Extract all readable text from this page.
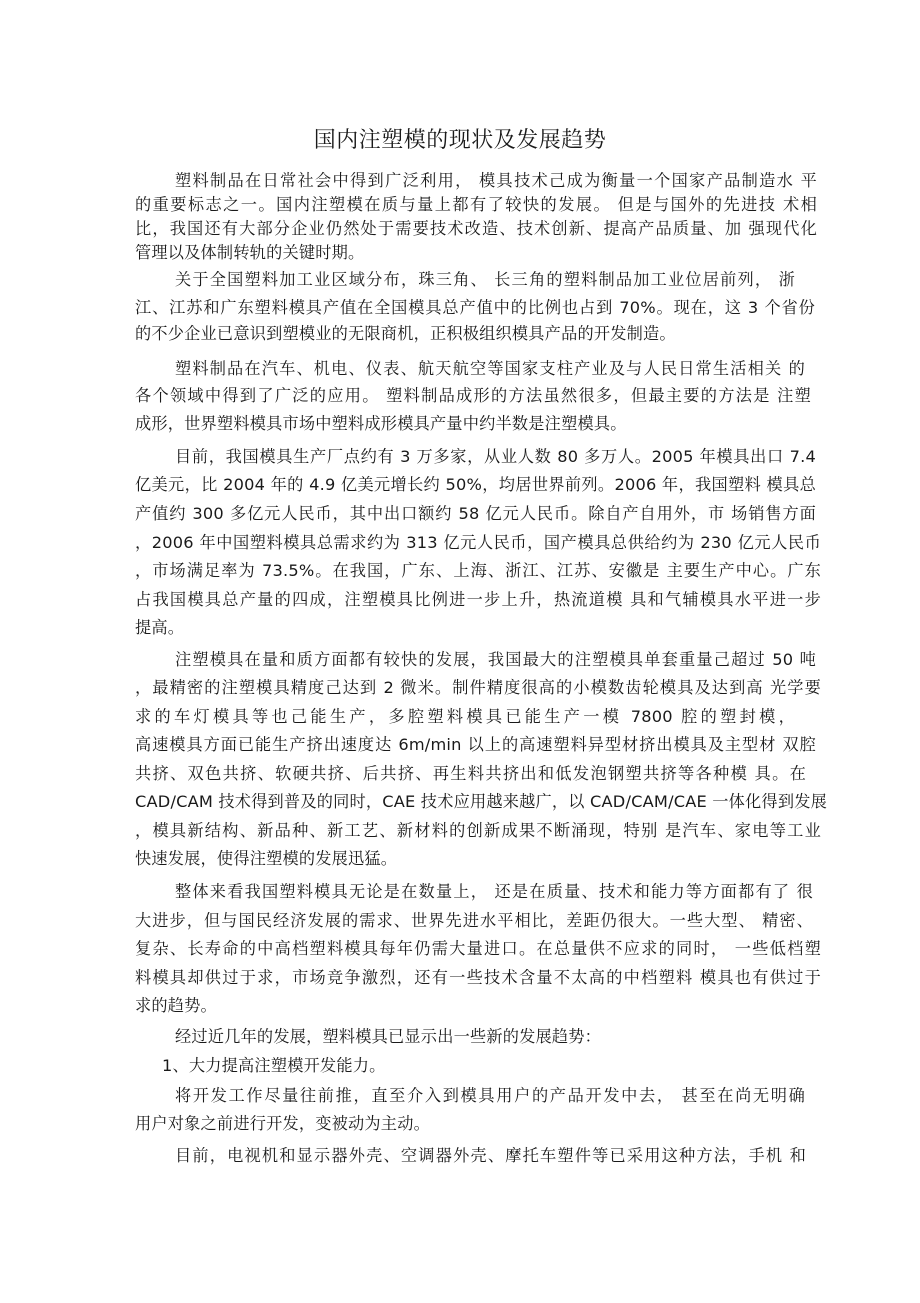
国内注塑模的现状及发展趋势
塑料制品在日常社会中得到广泛利用， 模具技术己成为衡量一个国家产品制造水 平
的重要标志之一。国内注塑模在质与量上都有了较快的发展。 但是与国外的先进技 术相
比，我国还有大部分企业仍然处于需要技术改造、技术创新、提高产品质量、加 强现代化
管理以及体制转轨的关键时期。
关于全国塑料加工业区域分布，珠三角、 长三角的塑料制品加工业位居前列， 浙
江、江苏和广东塑料模具产值在全国模具总产值中的比例也占到 70%。现在，这 3 个省份
的不少企业已意识到塑模业的无限商机，正积极组织模具产品的开发制造。
塑料制品在汽车、机电、仪表、航天航空等国家支柱产业及与人民日常生活相关 的
各个领域中得到了广泛的应用。 塑料制品成形的方法虽然很多，但最主要的方法是 注塑
成形，世界塑料模具市场中塑料成形模具产量中约半数是注塑模具。
目前，我国模具生产厂点约有 3 万多家，从业人数 80 多万人。2005 年模具出口 7.4
亿美元，比 2004 年的 4.9 亿美元增长约 50%，均居世界前列。2006 年，我国塑料 模具总
产值约 300 多亿元人民币，其中出口额约 58 亿元人民币。除自产自用外，市 场销售方面
，2006 年中国塑料模具总需求约为 313 亿元人民币，国产模具总供给约为 230 亿元人民币
，市场满足率为 73.5%。在我国，广东、上海、浙江、江苏、安徽是 主要生产中心。广东
占我国模具总产量的四成，注塑模具比例进一步上升，热流道模 具和气辅模具水平进一步
提高。
注塑模具在量和质方面都有较快的发展，我国最大的注塑模具单套重量己超过 50 吨
，最精密的注塑模具精度己达到 2 微米。制件精度很高的小模数齿轮模具及达到高 光学要
求的车灯模具等也己能生产，多腔塑料模具已能生产一模 7800 腔的塑封模，
高速模具方面已能生产挤出速度达 6m/min 以上的高速塑料异型材挤出模具及主型材 双腔
共挤、双色共挤、软硬共挤、后共挤、再生料共挤出和低发泡钢塑共挤等各种模 具。在
CAD/CAM 技术得到普及的同时，CAE 技术应用越来越广，以 CAD/CAM/CAE 一体化得到发展
，模具新结构、新品种、新工艺、新材料的创新成果不断涌现，特别 是汽车、家电等工业
快速发展，使得注塑模的发展迅猛。
整体来看我国塑料模具无论是在数量上， 还是在质量、技术和能力等方面都有了 很
大进步，但与国民经济发展的需求、世界先进水平相比，差距仍很大。一些大型、 精密、
复杂、长寿命的中高档塑料模具每年仍需大量进口。在总量供不应求的同时， 一些低档塑
料模具却供过于求，市场竞争激烈，还有一些技术含量不太高的中档塑料 模具也有供过于
求的趋势。
经过近几年的发展，塑料模具已显示出一些新的发展趋势：
1、大力提高注塑模开发能力。
将开发工作尽量往前推，直至介入到模具用户的产品开发中去， 甚至在尚无明确
用户对象之前进行开发，变被动为主动。
目前，电视机和显示器外壳、空调器外壳、摩托车塑件等已采用这种方法，手机 和
